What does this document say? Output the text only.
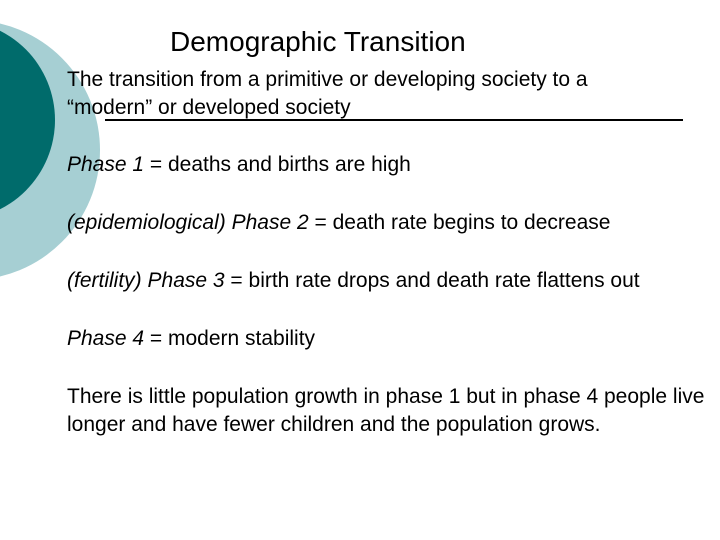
Demographic Transition

The transition from a primitive or developing society to a
“modern” or developed society

Phase 1 = deaths and births are high

(epidemiological) Phase 2 = death rate begins to decrease

(fertility) Phase 3 = birth rate drops and death rate flattens out

Phase 4 = modern stability

There is little population growth in phase 1 but in phase 4 people live longer and have fewer children and the population grows.
